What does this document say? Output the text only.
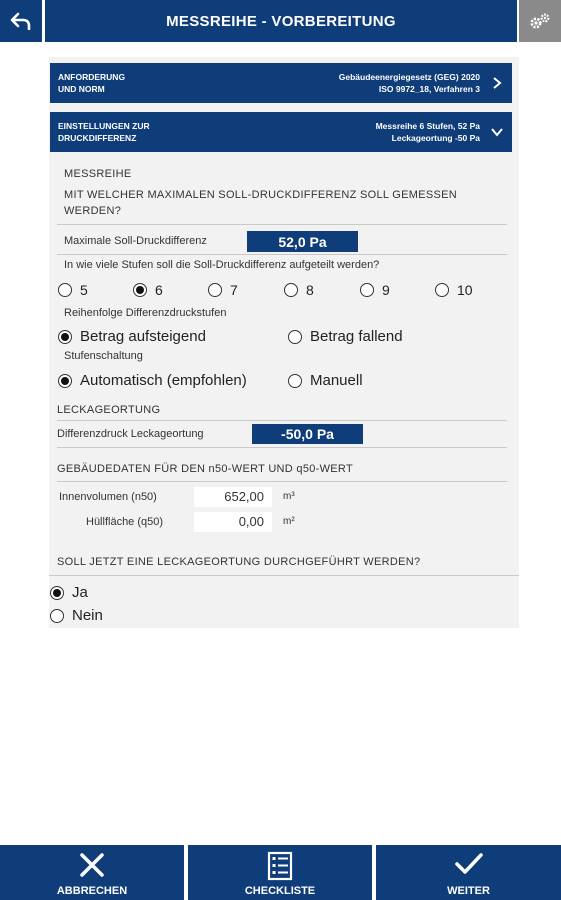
MESSREIHE - VORBEREITUNG
ANFORDERUNG
UND NORM
Gebäudeenergiegesetz (GEG) 2020
ISO 9972_18, Verfahren 3
EINSTELLUNGEN ZUR
DRUCKDIFFERENZ
Messreihe 6 Stufen, 52 Pa
Leckageortung -50 Pa
MESSREIHE
MIT WELCHER MAXIMALEN SOLL-DRUCKDIFFERENZ SOLL GEMESSEN
WERDEN?
Maximale Soll-Druckdifferenz	52,0 Pa
In wie viele Stufen soll die Soll-Druckdifferenz aufgeteilt werden?
5	6	7	8	9	10
Reihenfolge Differenzdruckstufen
Betrag aufsteigend	Betrag fallend
Stufenschaltung
Automatisch (empfohlen)	Manuell
LECKAGEORTUNG
Differenzdruck Leckageortung	-50,0 Pa
GEBÄUDEDATEN FÜR DEN n50-WERT UND q50-WERT
Innenvolumen (n50)	652,00	m³
Hüllfläche (q50)	0,00	m²
SOLL JETZT EINE LECKAGEORTUNG DURCHGEFÜHRT WERDEN?
Ja
Nein
ABBRECHEN	CHECKLISTE	WEITER
